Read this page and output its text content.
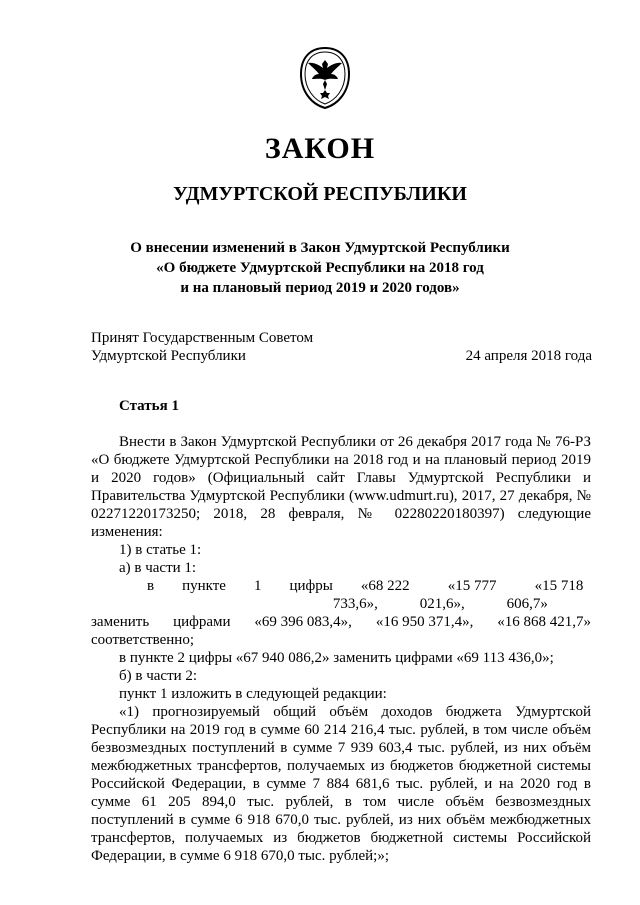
ЗАКОН
УДМУРТСКОЙ РЕСПУБЛИКИ
О внесении изменений в Закон Удмуртской Республики
«О бюджете Удмуртской Республики на 2018 год
и на плановый период 2019 и 2020 годов»
Принят Государственным Советом
Удмуртской Республики	24 апреля 2018 года
Статья 1

Внести в Закон Удмуртской Республики от 26 декабря 2017 года № 76-РЗ «О бюджете Удмуртской Республики на 2018 год и на плановый период 2019 и 2020 годов» (Официальный сайт Главы Удмуртской Республики и Правительства Удмуртской Республики (www.udmurt.ru), 2017, 27 декабря, № 02271220173250; 2018, 28 февраля, № 02280220180397) следующие изменения:

1) в статье 1:

а) в части 1:

в	пункте	1	цифры	«68 222 733,6»,
«15 777 021,6»,
«15 718 606,7»
заменить цифрами «69 396 083,4», «16 950 371,4», «16 868 421,7»

соответственно;

в пункте 2 цифры «67 940 086,2» заменить цифрами «69 113 436,0»;

б) в части 2:

пункт 1 изложить в следующей редакции:

«1) прогнозируемый общий объём доходов бюджета Удмуртской Республики на 2019 год в сумме 60 214 216,4 тыс. рублей, в том числе объём безвозмездных поступлений в сумме 7 939 603,4 тыс. рублей, из них объём межбюджетных трансфертов, получаемых из бюджетов бюджетной системы Российской Федерации, в сумме 7 884 681,6 тыс. рублей, и на 2020 год в сумме 61 205 894,0 тыс. рублей, в том числе объём безвозмездных поступлений в сумме 6 918 670,0 тыс. рублей, из них объём межбюджетных трансфертов, получаемых из бюджетов бюджетной системы Российской Федерации, в сумме 6 918 670,0 тыс. рублей;»;
